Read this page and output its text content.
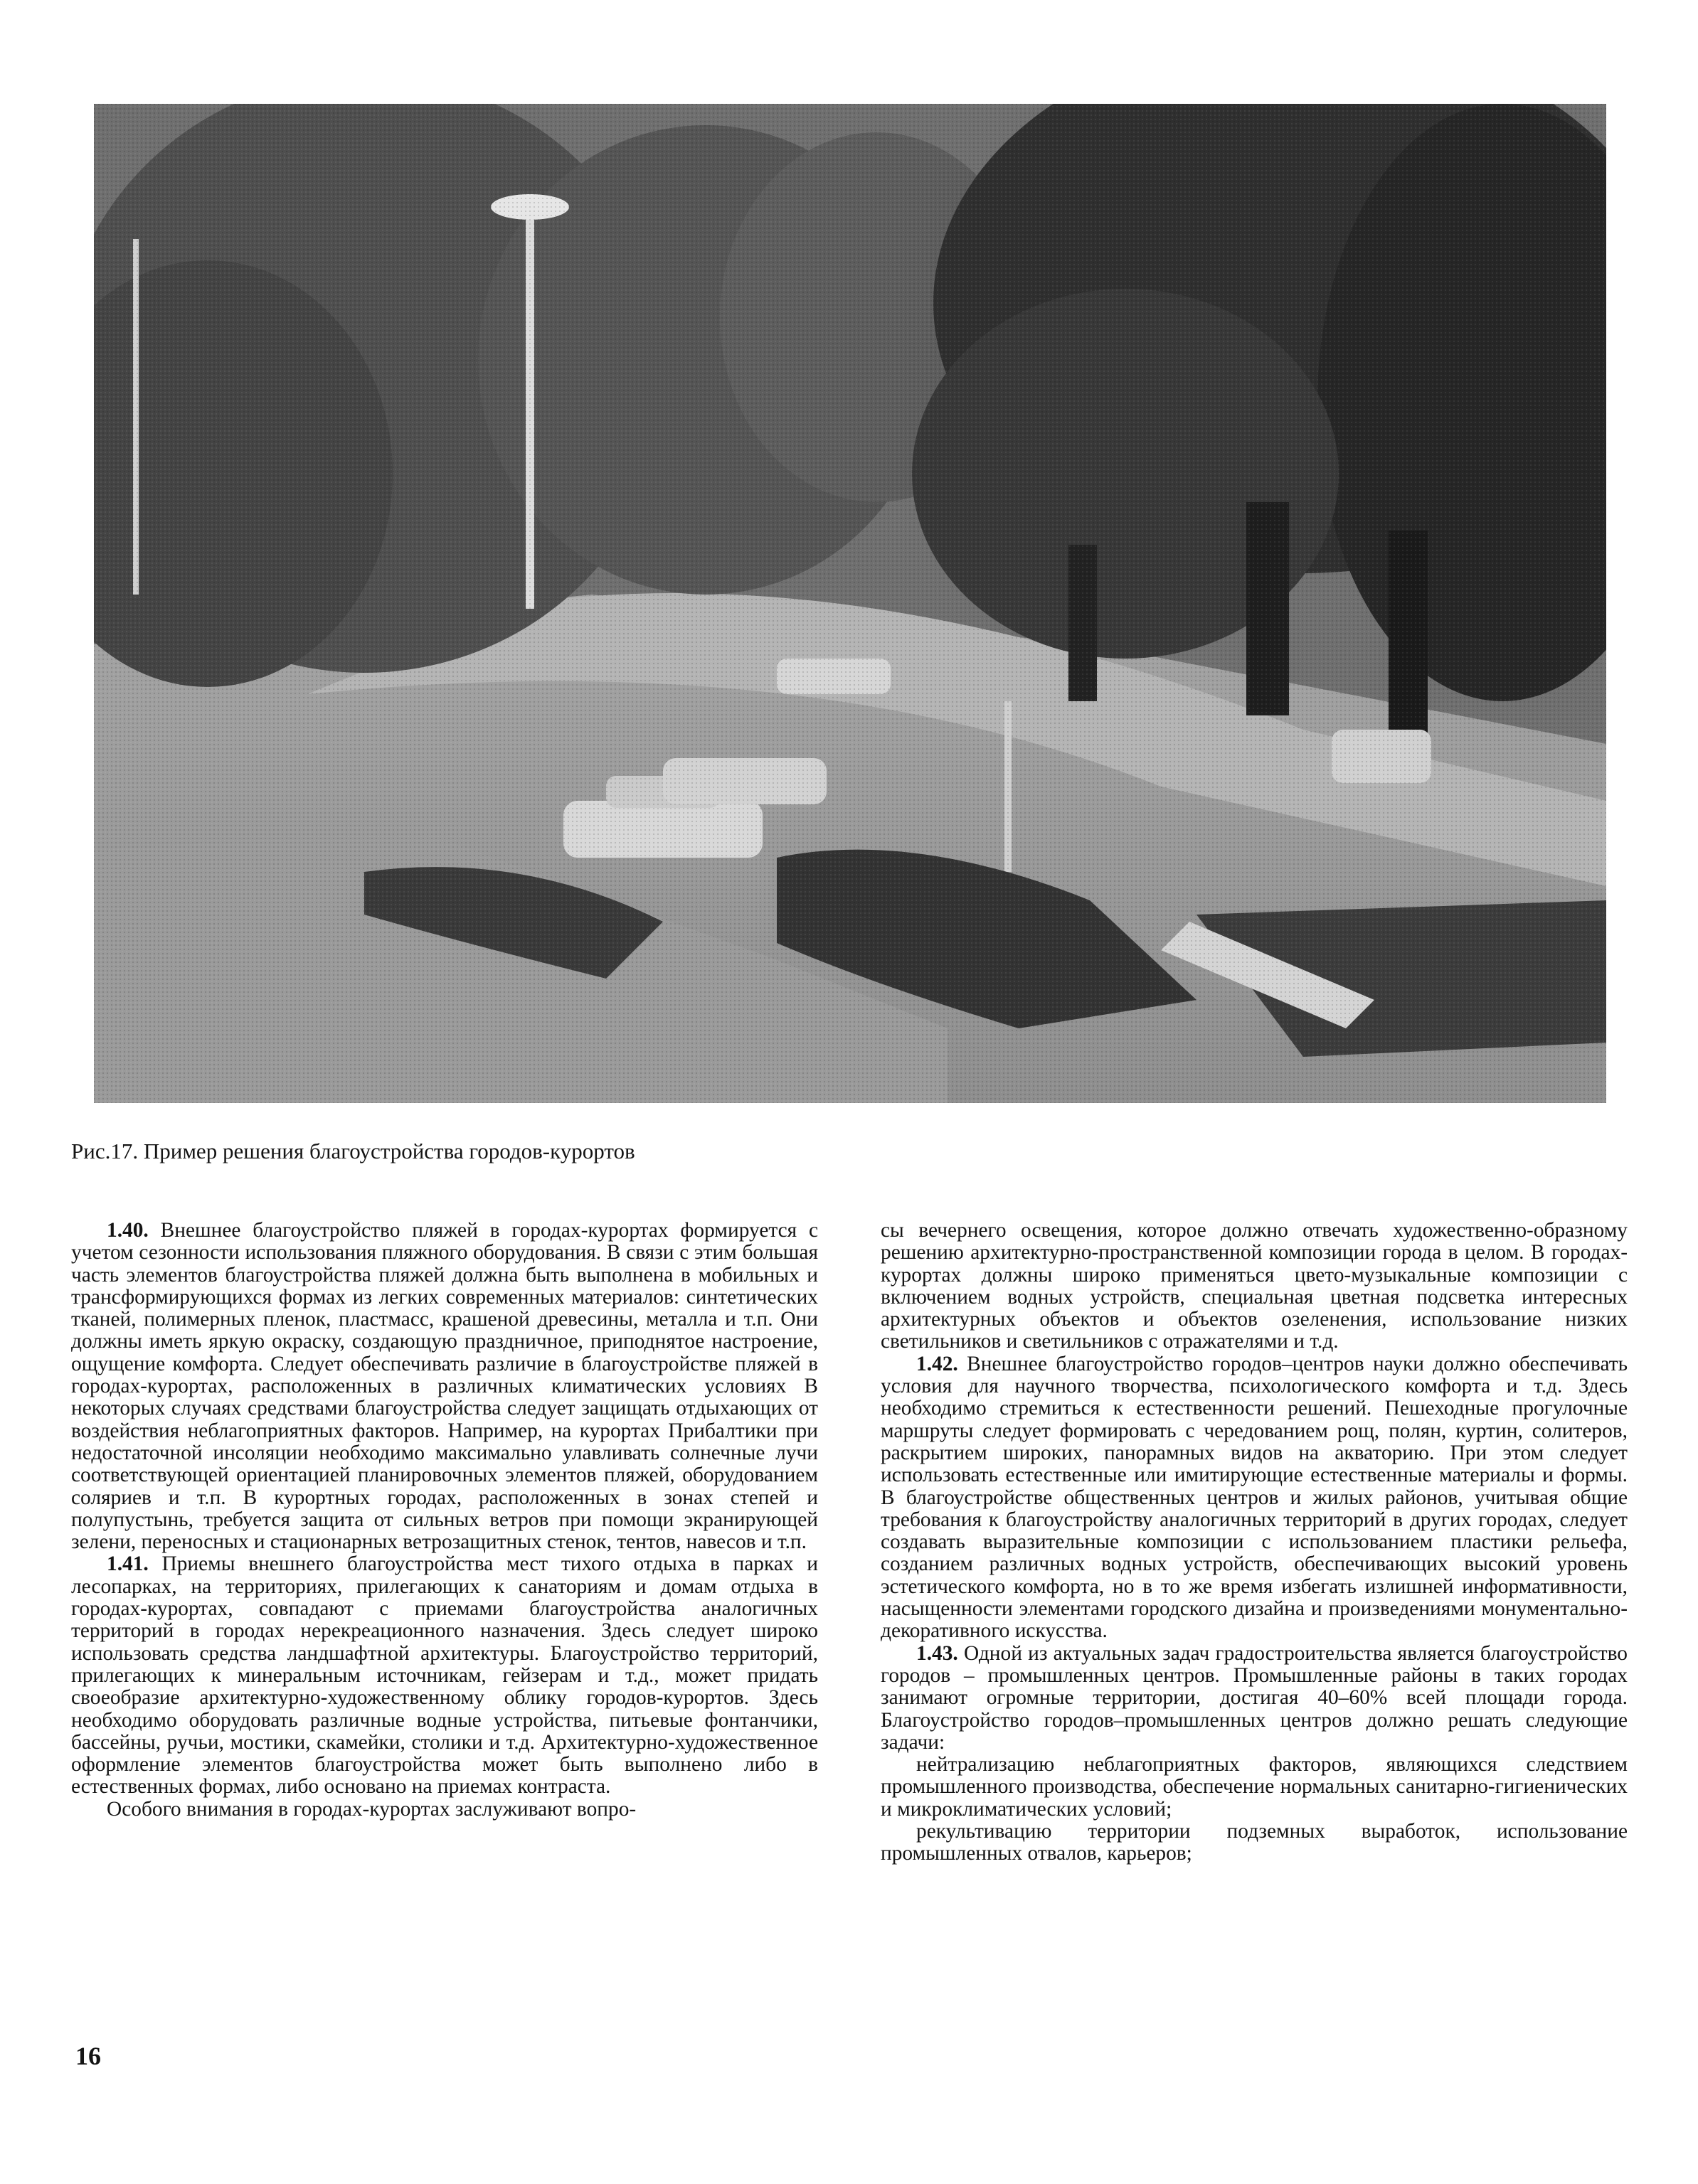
Рис.17. Пример решения благоустройства городов-курортов

1.40. Внешнее благоустройство пляжей в городах-курортах формируется с учетом сезонности использования пляжного оборудования. В связи с этим большая часть элементов благоустройства пляжей должна быть выполнена в мобильных и трансформирующихся формах из легких современных материалов: синтетических тканей, полимерных пленок, пластмасс, крашеной древесины, металла и т.п. Они должны иметь яркую окраску, создающую праздничное, приподнятое настроение, ощущение комфорта. Следует обеспечивать различие в благоустройстве пляжей в городах-курортах, расположенных в различных климатических условиях В некоторых случаях средствами благоустройства следует защищать отдыхающих от воздействия неблагоприятных факторов. Например, на курортах Прибалтики при недостаточной инсоляции необходимо максимально улавливать солнечные лучи соответствующей ориентацией планировочных элементов пляжей, оборудованием соляриев и т.п. В курортных городах, расположенных в зонах степей и полупустынь, требуется защита от сильных ветров при помощи экранирующей зелени, переносных и стационарных ветрозащитных стенок, тентов, навесов и т.п.

1.41. Приемы внешнего благоустройства мест тихого отдыха в парках и лесопарках, на территориях, прилегающих к санаториям и домам отдыха в городах-курортах, совпадают с приемами благоустройства аналогичных территорий в городах нерекреационного назначения. Здесь следует широко использовать средства ландшафтной архитектуры. Благоустройство территорий, прилегающих к минеральным источникам, гейзерам и т.д., может придать своеобразие архитектурно-художественному облику городов-курортов. Здесь необходимо оборудовать различные водные устройства, питьевые фонтанчики, бассейны, ручьи, мостики, скамейки, столики и т.д. Архитектурно-художественное оформление элементов благоустройства может быть выполнено либо в естественных формах, либо основано на приемах контраста.

Особого внимания в городах-курортах заслуживают вопро-

сы вечернего освещения, которое должно отвечать художественно-образному решению архитектурно-пространственной композиции города в целом. В городах-курортах должны широко применяться цвето-музыкальные композиции с включением водных устройств, специальная цветная подсветка интересных архитектурных объектов и объектов озеленения, использование низких светильников и светильников с отражателями и т.д.

1.42. Внешнее благоустройство городов–центров науки должно обеспечивать условия для научного творчества, психологического комфорта и т.д. Здесь необходимо стремиться к естественности решений. Пешеходные прогулочные маршруты следует формировать с чередованием рощ, полян, куртин, солитеров, раскрытием широких, панорамных видов на акваторию. При этом следует использовать естественные или имитирующие естественные материалы и формы. В благоустройстве общественных центров и жилых районов, учитывая общие требования к благоустройству аналогичных территорий в других городах, следует создавать выразительные композиции с использованием пластики рельефа, созданием различных водных устройств, обеспечивающих высокий уровень эстетического комфорта, но в то же время избегать излишней информативности, насыщенности элементами городского дизайна и произведениями монументально-декоративного искусства.

1.43. Одной из актуальных задач градостроительства является благоустройство городов – промышленных центров. Промышленные районы в таких городах занимают огромные территории, достигая 40–60% всей площади города. Благоустройство городов–промышленных центров должно решать следующие задачи:

нейтрализацию неблагоприятных факторов, являющихся следствием промышленного производства, обеспечение нормальных санитарно-гигиенических и микроклиматических условий;

рекультивацию территории подземных выработок, использование промышленных отвалов, карьеров;

16
